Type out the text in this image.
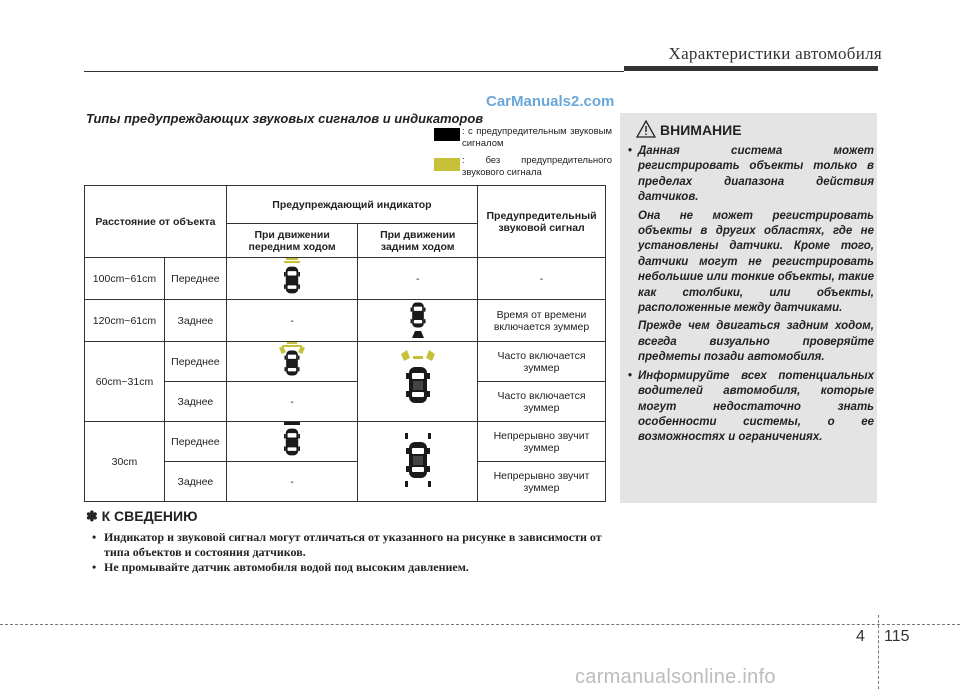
Характеристики автомобиля
CarManuals2.com
Типы предупреждающих звуковых сигналов и индикаторов
: с предупредительным звуковым сигналом
: без предупредительного звукового сигнала
Расстояние от объекта		Предупреждающий индикатор		Предупредительный звуковой сигнал
		При движении передним ходом	При движении задним ходом	
100cm~61cm	Переднее		-	-
120cm~61cm	Заднее	-		Время от времени включается зуммер
60cm~31cm	Переднее			Часто включается зуммер
	Заднее	-		Часто включается зуммер
30cm	Переднее			Непрерывно звучит зуммер
	Заднее	-		Непрерывно звучит зуммер
ВНИМАНИЕ

• Данная система может регистрировать объекты только в пределах диапазона действия датчиков.

Она не может регистрировать объекты в других областях, где не установлены датчики. Кроме того, датчики могут не регистрировать небольшие или тонкие объекты, такие как столбики, или объекты, расположенные между датчиками.

Прежде чем двигаться задним ходом, всегда визуально проверяйте предметы позади автомобиля.

• Информируйте всех потенциальных водителей автомобиля, которые могут недостаточно знать особенности системы, о ее возможностях и ограничениях.

✽ К СВЕДЕНИЮ
• Индикатор и звуковой сигнал могут отличаться от указанного на рисунке в зависимости от типа объектов и состояния датчиков.
• Не промывайте датчик автомобиля водой под высоким давлением.
4 115
carmanualsonline.info
